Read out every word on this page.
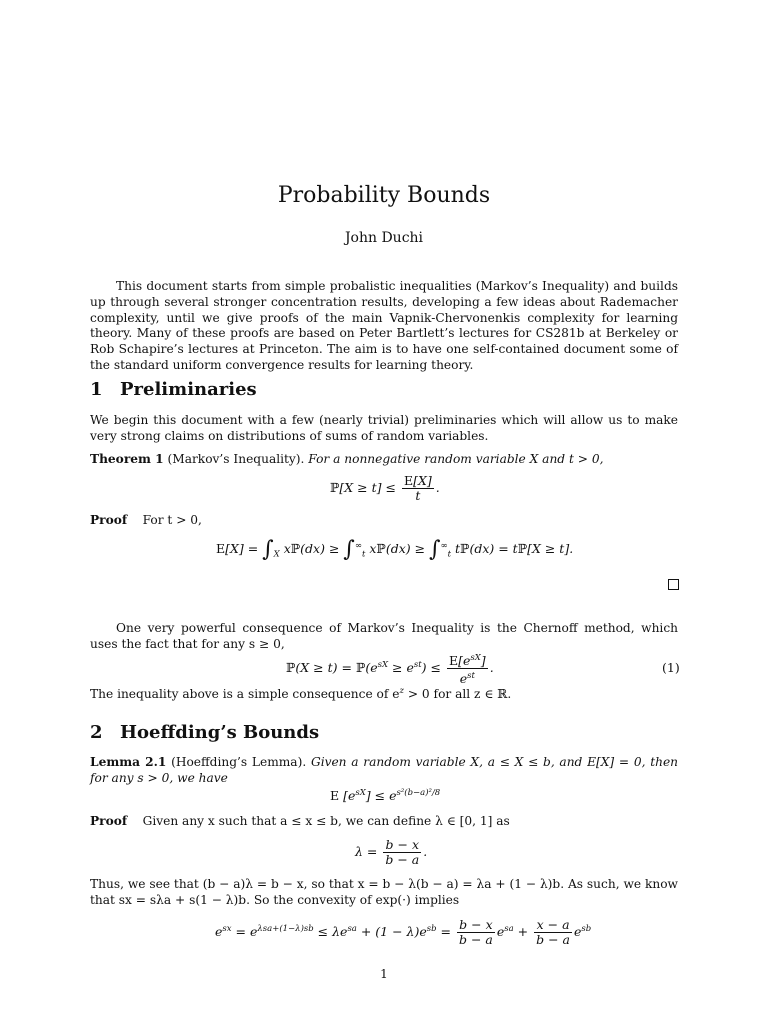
Probability Bounds
John Duchi
This document starts from simple probalistic inequalities (Markov’s Inequality) and builds up through several stronger concentration results, developing a few ideas about Rademacher complexity, until we give proofs of the main Vapnik-Chervonenkis complexity for learning theory. Many of these proofs are based on Peter Bartlett’s lectures for CS281b at Berkeley or Rob Schapire’s lectures at Princeton. The aim is to have one self-contained document some of the standard uniform convergence results for learning theory.
1 Preliminaries
We begin this document with a few (nearly trivial) preliminaries which will allow us to make very strong claims on distributions of sums of random variables.
Theorem 1 (Markov’s Inequality). For a nonnegative random variable X and t > 0,
ℙ[X ≥ $t] \le \frac{E[X]}{t}$ .
Proof For t > 0,
$E[X] = \int_X$ xℙ(dx) ≥ $\int^\infty_t$ xℙ(dx) ≥ $\int^\infty_t$ tℙ(dx) = tℙ[X ≥ t].
One very powerful consequence of Markov’s Inequality is the Chernoff method, which uses the fact that for any s ≥ 0,
ℙ(X ≥ $t) = ℙ(e^{sX} \ge e^{st}) \le \frac{E[e^{sX}]}{e^{st}}$ .	(1)
The inequality above is a simple consequence of $e^z > 0$ for all z ∈ ℝ.
2 Hoeffding’s Bounds
Lemma 2.1 (Hoeffding’s Lemma). Given a random variable X, a ≤ X ≤ b, and E[X] = 0, then for any s > 0, we have
E $[e^{sX}] \le e^{s^2(b-a)^2/8}$
Proof Given any x such that a ≤ x ≤ b, we can define λ ∈ [0, 1] as
$\lambda = \frac{b - x}{b - a}$ .
Thus, we see that (b − a)λ = b − x, so that x = b − λ(b − a) = λa + (1 − λ)b. As such, we know that sx = sλa + s(1 − λ)b. So the convexity of exp(·) implies
$e^{sx} = e^{\lambda sa+(1-\lambda)sb} \le \lambda e^{sa} + (1 - \lambda)e^{sb} = \frac{b - x}{b - a} e^{sa} + \frac{x - a}{b - a} e^{sb}$
1
